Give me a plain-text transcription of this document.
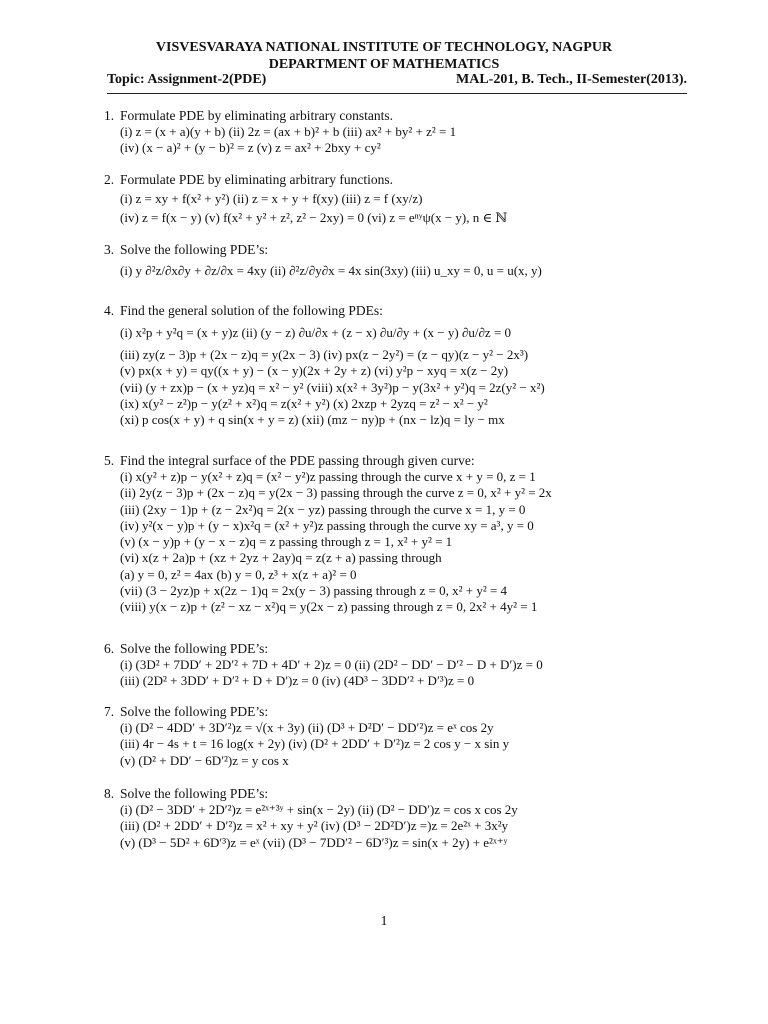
VISVESVARAYA NATIONAL INSTITUTE OF TECHNOLOGY, NAGPUR
DEPARTMENT OF MATHEMATICS
Topic: Assignment-2(PDE)	MAL-201, B. Tech., II-Semester(2013).
1. Formulate PDE by eliminating arbitrary constants.
(i) z = (x + a)(y + b) (ii) 2z = (ax + b)² + b (iii) ax² + by² + z² = 1
(iv) (x − a)² + (y − b)² = z (v) z = ax² + 2bxy + cy²
2. Formulate PDE by eliminating arbitrary functions.
(i) z = xy + f(x² + y²) (ii) z = x + y + f(xy) (iii) z = f (xy/z)
(iv) z = f(x − y) (v) f(x² + y² + z², z² − 2xy) = 0 (vi) z = eⁿʸψ(x − y), n ∈ ℕ
3. Solve the following PDE’s:
(i) y ∂²z/∂x∂y + ∂z/∂x = 4xy (ii) ∂²z/∂y∂x = 4x sin(3xy) (iii) u_xy = 0, u = u(x, y)
4. Find the general solution of the following PDEs:
(i) x²p + y²q = (x + y)z (ii) (y − z) ∂u/∂x + (z − x) ∂u/∂y + (x − y) ∂u/∂z = 0
(iii) zy(z − 3)p + (2x − z)q = y(2x − 3) (iv) px(z − 2y²) = (z − qy)(z − y² − 2x³)
(v) px(x + y) = qy((x + y) − (x − y)(2x + 2y + z) (vi) y²p − xyq = x(z − 2y)
(vii) (y + zx)p − (x + yz)q = x² − y² (viii) x(x² + 3y²)p − y(3x² + y²)q = 2z(y² − x²)
(ix) x(y² − z²)p − y(z² + x²)q = z(x² + y²) (x) 2xzp + 2yzq = z² − x² − y²
(xi) p cos(x + y) + q sin(x + y = z) (xii) (mz − ny)p + (nx − lz)q = ly − mx
5. Find the integral surface of the PDE passing through given curve:
(i) x(y² + z)p − y(x² + z)q = (x² − y²)z passing through the curve x + y = 0, z = 1
(ii) 2y(z − 3)p + (2x − z)q = y(2x − 3) passing through the curve z = 0, x² + y² = 2x
(iii) (2xy − 1)p + (z − 2x²)q = 2(x − yz) passing through the curve x = 1, y = 0
(iv) y²(x − y)p + (y − x)x²q = (x² + y²)z passing through the curve xy = a³, y = 0
(v) (x − y)p + (y − x − z)q = z passing through z = 1, x² + y² = 1
(vi) x(z + 2a)p + (xz + 2yz + 2ay)q = z(z + a) passing through
(a) y = 0, z² = 4ax (b) y = 0, z³ + x(z + a)² = 0
(vii) (3 − 2yz)p + x(2z − 1)q = 2x(y − 3) passing through z = 0, x² + y² = 4
(viii) y(x − z)p + (z² − xz − x²)q = y(2x − z) passing through z = 0, 2x² + 4y² = 1
6. Solve the following PDE’s:
(i) (3D² + 7DD′ + 2D′² + 7D + 4D′ + 2)z = 0 (ii) (2D² − DD′ − D′² − D + D′)z = 0
(iii) (2D² + 3DD′ + D′² + D + D′)z = 0 (iv) (4D³ − 3DD′² + D′³)z = 0
7. Solve the following PDE’s:
(i) (D² − 4DD′ + 3D′²)z = √(x + 3y) (ii) (D³ + D²D′ − DD′²)z = eˣ cos 2y
(iii) 4r − 4s + t = 16 log(x + 2y) (iv) (D² + 2DD′ + D′²)z = 2 cos y − x sin y
(v) (D² + DD′ − 6D′²)z = y cos x
8. Solve the following PDE’s:
(i) (D² − 3DD′ + 2D′²)z = e²ˣ⁺³ʸ + sin(x − 2y) (ii) (D² − DD′)z = cos x cos 2y
(iii) (D² + 2DD′ + D′²)z = x² + xy + y² (iv) (D³ − 2D²D′)z =)z = 2e²ˣ + 3x²y
(v) (D³ − 5D² + 6D′³)z = eˣ (vii) (D³ − 7DD′² − 6D′³)z = sin(x + 2y) + e²ˣ⁺ʸ
1
